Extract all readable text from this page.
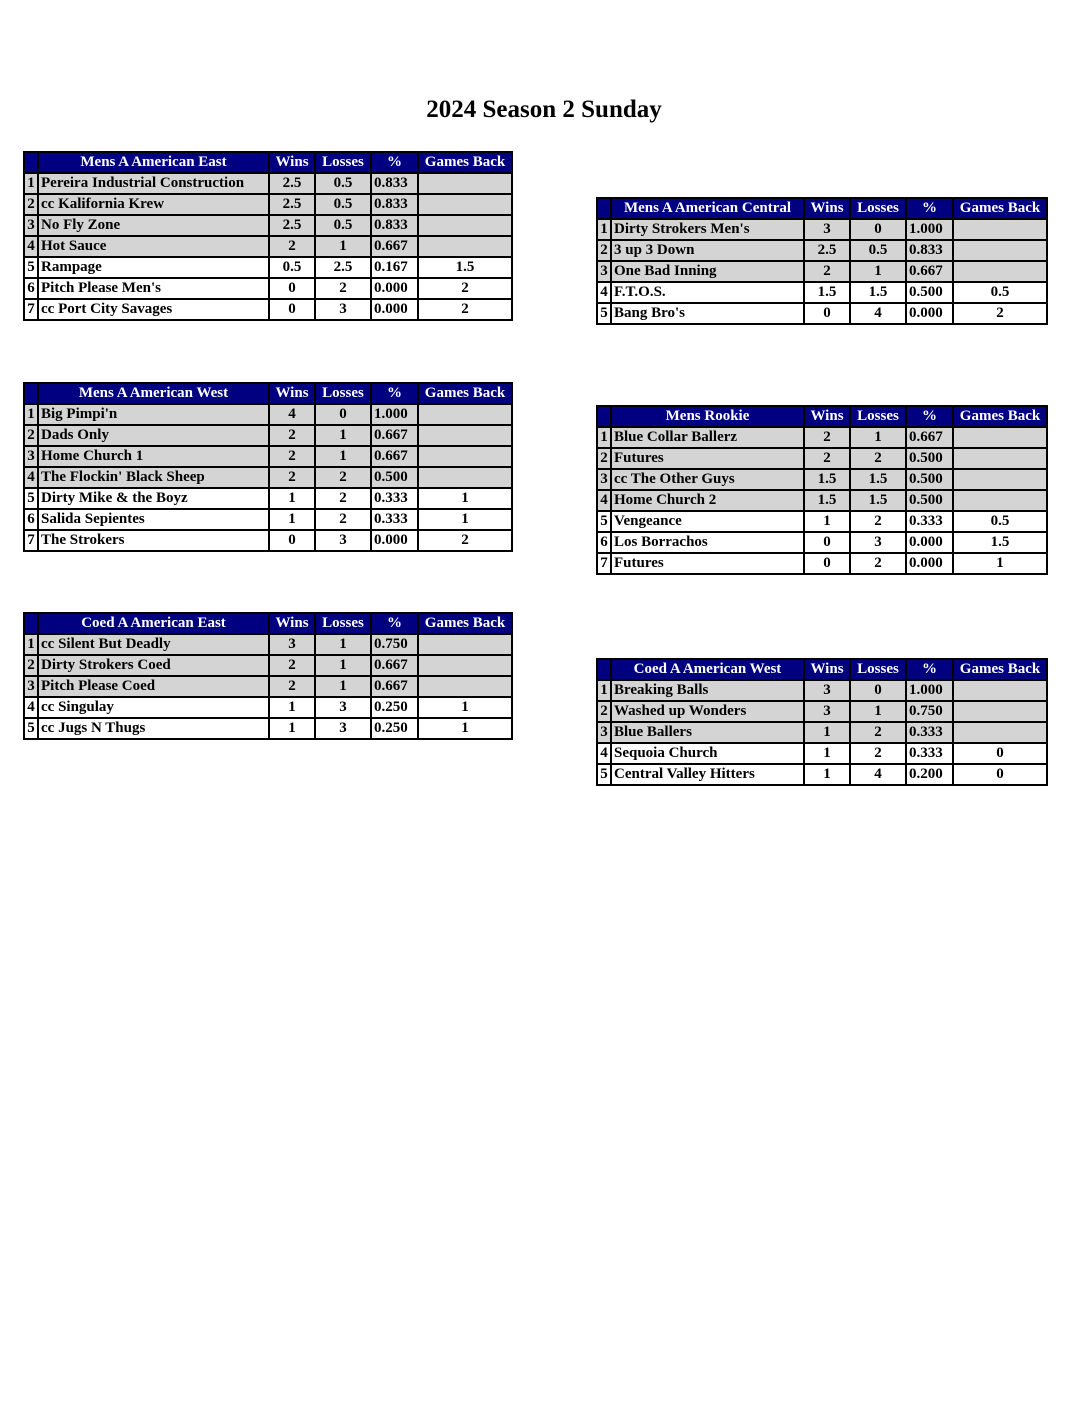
2024 Season 2 Sunday
	Mens A American East	Wins	Losses	%	Games Back
1	Pereira Industrial Construction	2.5	0.5	0.833	
2	cc Kalifornia Krew	2.5	0.5	0.833	
3	No Fly Zone	2.5	0.5	0.833	
4	Hot Sauce	2	1	0.667	
5	Rampage	0.5	2.5	0.167	1.5
6	Pitch Please Men's	0	2	0.000	2
7	cc Port City Savages	0	3	0.000	2
	Mens A American Central	Wins	Losses	%	Games Back
1	Dirty Strokers Men's	3	0	1.000	
2	3 up 3 Down	2.5	0.5	0.833	
3	One Bad Inning	2	1	0.667	
4	F.T.O.S.	1.5	1.5	0.500	0.5
5	Bang Bro's	0	4	0.000	2
	Mens A American West	Wins	Losses	%	Games Back
1	Big Pimpi'n	4	0	1.000	
2	Dads Only	2	1	0.667	
3	Home Church 1	2	1	0.667	
4	The Flockin' Black Sheep	2	2	0.500	
5	Dirty Mike & the Boyz	1	2	0.333	1
6	Salida Sepientes	1	2	0.333	1
7	The Strokers	0	3	0.000	2
	Mens Rookie	Wins	Losses	%	Games Back
1	Blue Collar Ballerz	2	1	0.667	
2	Futures	2	2	0.500	
3	cc The Other Guys	1.5	1.5	0.500	
4	Home Church 2	1.5	1.5	0.500	
5	Vengeance	1	2	0.333	0.5
6	Los Borrachos	0	3	0.000	1.5
7	Futures	0	2	0.000	1
	Coed A American East	Wins	Losses	%	Games Back
1	cc Silent But Deadly	3	1	0.750	
2	Dirty Strokers Coed	2	1	0.667	
3	Pitch Please Coed	2	1	0.667	
4	cc Singulay	1	3	0.250	1
5	cc Jugs N Thugs	1	3	0.250	1
	Coed A American West	Wins	Losses	%	Games Back
1	Breaking Balls	3	0	1.000	
2	Washed up Wonders	3	1	0.750	
3	Blue Ballers	1	2	0.333	
4	Sequoia Church	1	2	0.333	0
5	Central Valley Hitters	1	4	0.200	0
